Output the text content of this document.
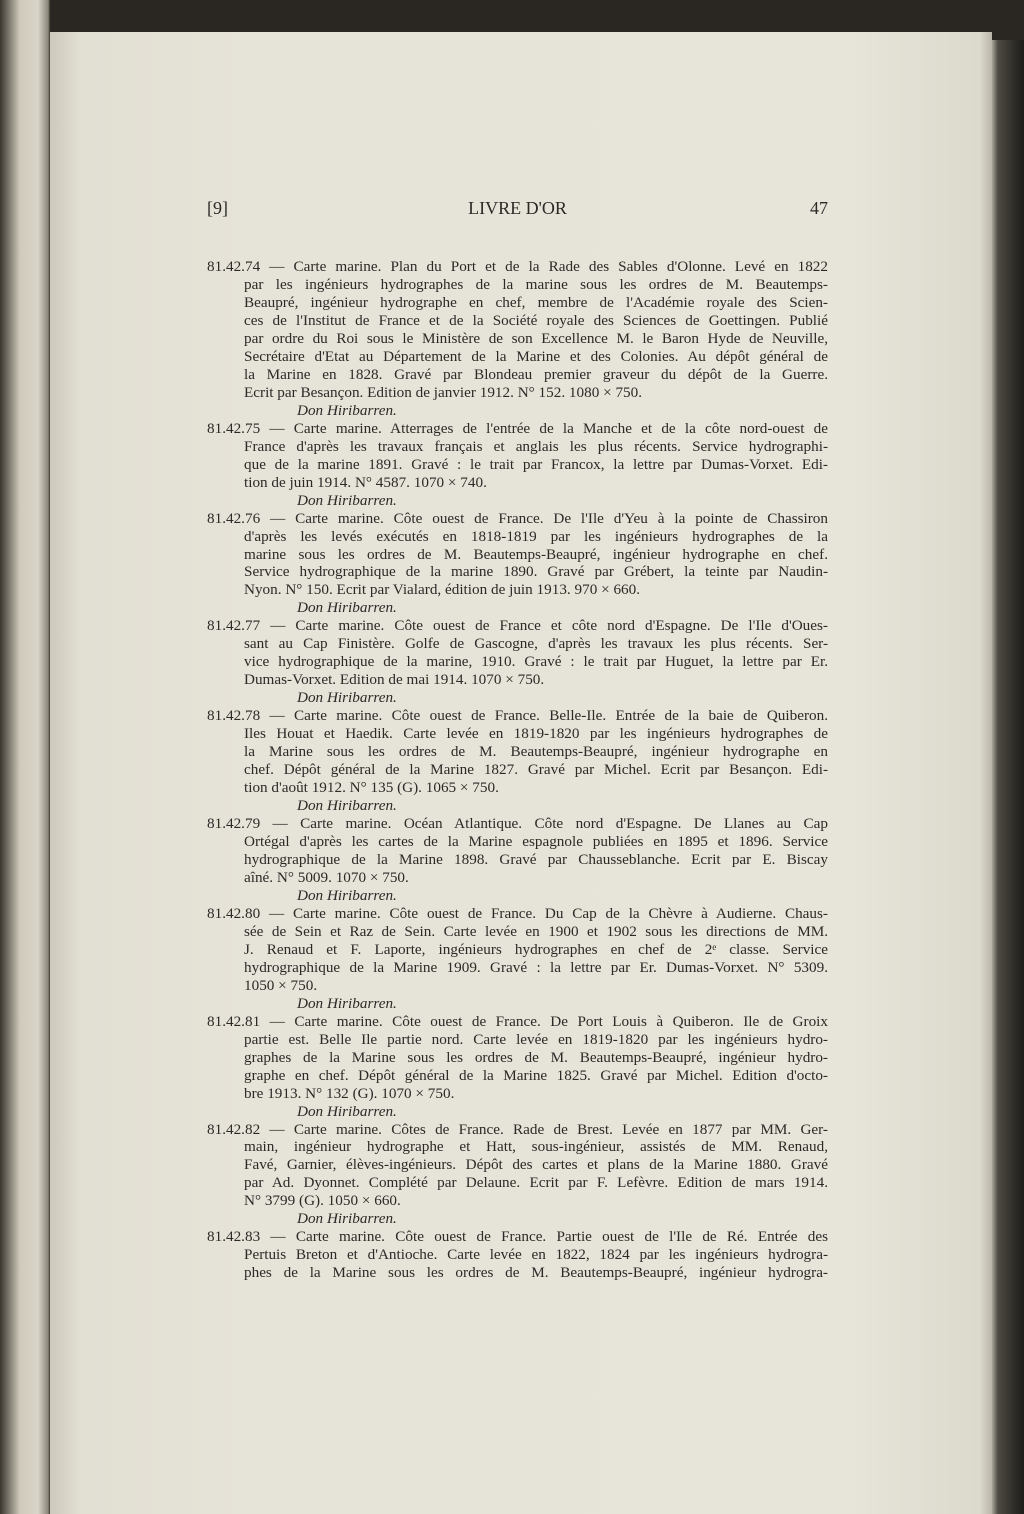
[9]	LIVRE D'OR	47
81.42.74 — Carte marine. Plan du Port et de la Rade des Sables d'Olonne. Levé en 1822
par les ingénieurs hydrographes de la marine sous les ordres de M. Beautemps-
Beaupré, ingénieur hydrographe en chef, membre de l'Académie royale des Scien-
ces de l'Institut de France et de la Société royale des Sciences de Goettingen. Publié
par ordre du Roi sous le Ministère de son Excellence M. le Baron Hyde de Neuville,
Secrétaire d'Etat au Département de la Marine et des Colonies. Au dépôt général de
la Marine en 1828. Gravé par Blondeau premier graveur du dépôt de la Guerre.
Ecrit par Besançon. Edition de janvier 1912. N° 152. 1080 × 750.
Don Hiribarren.
81.42.75 — Carte marine. Atterrages de l'entrée de la Manche et de la côte nord-ouest de
France d'après les travaux français et anglais les plus récents. Service hydrographi-
que de la marine 1891. Gravé : le trait par Francox, la lettre par Dumas-Vorxet. Edi-
tion de juin 1914. N° 4587. 1070 × 740.
Don Hiribarren.
81.42.76 — Carte marine. Côte ouest de France. De l'Ile d'Yeu à la pointe de Chassiron
d'après les levés exécutés en 1818-1819 par les ingénieurs hydrographes de la
marine sous les ordres de M. Beautemps-Beaupré, ingénieur hydrographe en chef.
Service hydrographique de la marine 1890. Gravé par Grébert, la teinte par Naudin-
Nyon. N° 150. Ecrit par Vialard, édition de juin 1913. 970 × 660.
Don Hiribarren.
81.42.77 — Carte marine. Côte ouest de France et côte nord d'Espagne. De l'Ile d'Oues-
sant au Cap Finistère. Golfe de Gascogne, d'après les travaux les plus récents. Ser-
vice hydrographique de la marine, 1910. Gravé : le trait par Huguet, la lettre par Er.
Dumas-Vorxet. Edition de mai 1914. 1070 × 750.
Don Hiribarren.
81.42.78 — Carte marine. Côte ouest de France. Belle-Ile. Entrée de la baie de Quiberon.
Iles Houat et Haedik. Carte levée en 1819-1820 par les ingénieurs hydrographes de
la Marine sous les ordres de M. Beautemps-Beaupré, ingénieur hydrographe en
chef. Dépôt général de la Marine 1827. Gravé par Michel. Ecrit par Besançon. Edi-
tion d'août 1912. N° 135 (G). 1065 × 750.
Don Hiribarren.
81.42.79 — Carte marine. Océan Atlantique. Côte nord d'Espagne. De Llanes au Cap
Ortégal d'après les cartes de la Marine espagnole publiées en 1895 et 1896. Service
hydrographique de la Marine 1898. Gravé par Chausseblanche. Ecrit par E. Biscay
aîné. N° 5009. 1070 × 750.
Don Hiribarren.
81.42.80 — Carte marine. Côte ouest de France. Du Cap de la Chèvre à Audierne. Chaus-
sée de Sein et Raz de Sein. Carte levée en 1900 et 1902 sous les directions de MM.
J. Renaud et F. Laporte, ingénieurs hydrographes en chef de 2ᵉ classe. Service
hydrographique de la Marine 1909. Gravé : la lettre par Er. Dumas-Vorxet. N° 5309.
1050 × 750.
Don Hiribarren.
81.42.81 — Carte marine. Côte ouest de France. De Port Louis à Quiberon. Ile de Groix
partie est. Belle Ile partie nord. Carte levée en 1819-1820 par les ingénieurs hydro-
graphes de la Marine sous les ordres de M. Beautemps-Beaupré, ingénieur hydro-
graphe en chef. Dépôt général de la Marine 1825. Gravé par Michel. Edition d'octo-
bre 1913. N° 132 (G). 1070 × 750.
Don Hiribarren.
81.42.82 — Carte marine. Côtes de France. Rade de Brest. Levée en 1877 par MM. Ger-
main, ingénieur hydrographe et Hatt, sous-ingénieur, assistés de MM. Renaud,
Favé, Garnier, élèves-ingénieurs. Dépôt des cartes et plans de la Marine 1880. Gravé
par Ad. Dyonnet. Complété par Delaune. Ecrit par F. Lefèvre. Edition de mars 1914.
N° 3799 (G). 1050 × 660.
Don Hiribarren.
81.42.83 — Carte marine. Côte ouest de France. Partie ouest de l'Ile de Ré. Entrée des
Pertuis Breton et d'Antioche. Carte levée en 1822, 1824 par les ingénieurs hydrogra-
phes de la Marine sous les ordres de M. Beautemps-Beaupré, ingénieur hydrogra-
